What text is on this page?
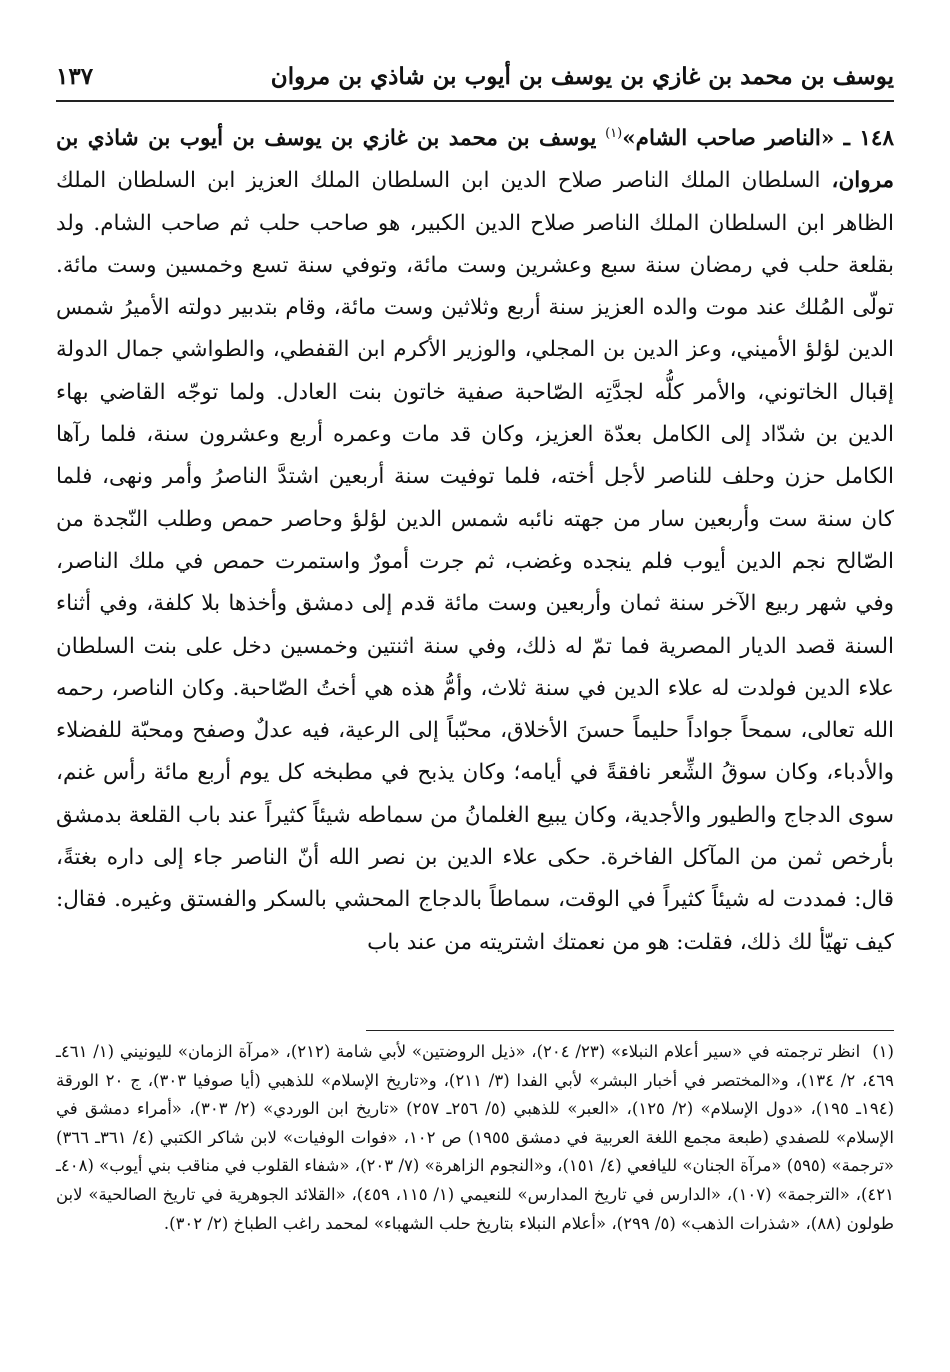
يوسف بن محمد بن غازي بن يوسف بن أيوب بن شاذي بن مروان
١٣٧

١٤٨ ـ «الناصر صاحب الشام»$^{(١)}$ يوسف بن محمد بن غازي بن يوسف بن أيوب بن شاذي بن مروان، السلطان الملك الناصر صلاح الدين ابن السلطان الملك العزيز ابن السلطان الملك الظاهر ابن السلطان الملك الناصر صلاح الدين الكبير، هو صاحب حلب ثم صاحب الشام. ولد بقلعة حلب في رمضان سنة سبع وعشرين وست مائة، وتوفي سنة تسع وخمسين وست مائة. تولّى المُلك عند موت والده العزيز سنة أربع وثلاثين وست مائة، وقام بتدبير دولته الأميرُ شمس الدين لؤلؤ الأميني، وعز الدين بن المجلي، والوزير الأكرم ابن القفطي، والطواشي جمال الدولة إقبال الخاتوني، والأمر كلُّه لجدَّتِه الصّاحبة صفية خاتون بنت العادل. ولما توجّه القاضي بهاء الدين بن شدّاد إلى الكامل بعدّة العزيز، وكان قد مات وعمره أربع وعشرون سنة، فلما رآها الكامل حزن وحلف للناصر لأجل أخته، فلما توفيت سنة أربعين اشتدَّ الناصرُ وأمر ونهى، فلما كان سنة ست وأربعين سار من جهته نائبه شمس الدين لؤلؤ وحاصر حمص وطلب النّجدة من الصّالح نجم الدين أيوب فلم ينجده وغضب، ثم جرت أمورٌ واستمرت حمص في ملك الناصر، وفي شهر ربيع الآخر سنة ثمان وأربعين وست مائة قدم إلى دمشق وأخذها بلا كلفة، وفي أثناء السنة قصد الديار المصرية فما تمّ له ذلك، وفي سنة اثنتين وخمسين دخل على بنت السلطان علاء الدين فولدت له علاء الدين في سنة ثلاث، وأمُّ هذه هي أختُ الصّاحبة. وكان الناصر، رحمه الله تعالى، سمحاً جواداً حليماً حسنَ الأخلاق، محبّباً إلى الرعية، فيه عدلٌ وصفح ومحبّة للفضلاء والأدباء، وكان سوقُ الشِّعر نافقةً في أيامه؛ وكان يذبح في مطبخه كل يوم أربع مائة رأس غنم، سوى الدجاج والطيور والأجدية، وكان يبيع الغلمانُ من سماطه شيئاً كثيراً عند باب القلعة بدمشق بأرخص ثمن من المآكل الفاخرة. حكى علاء الدين بن نصر الله أنّ الناصر جاء إلى داره بغتةً، قال: فمددت له شيئاً كثيراً في الوقت، سماطاً بالدجاج المحشي بالسكر والفستق وغيره. فقال: كيف تهيّأ لك ذلك، فقلت: هو من نعمتك اشتريته من عند باب

(١)انظر ترجمته في «سير أعلام النبلاء» (٢٣/ ٢٠٤)، «ذيل الروضتين» لأبي شامة (٢١٢)، «مرآة الزمان» لليونيني (١/ ٤٦١ـ ٤٦٩، ٢/ ١٣٤)، و«المختصر في أخبار البشر» لأبي الفدا (٣/ ٢١١)، و«تاريخ الإسلام» للذهبي (أيا صوفيا ٣٠٣)، ج ٢٠ الورقة (١٩٤ـ ١٩٥)، «دول الإسلام» (٢/ ١٢٥)، «العبر» للذهبي (٥/ ٢٥٦ـ ٢٥٧) «تاريخ ابن الوردي» (٢/ ٣٠٣)، «أمراء دمشق في الإسلام» للصفدي (طبعة مجمع اللغة العربية في دمشق ١٩٥٥) ص ١٠٢، «فوات الوفيات» لابن شاكر الكتبي (٤/ ٣٦١ـ ٣٦٦) «ترجمة» (٥٩٥) «مرآة الجنان» لليافعي (٤/ ١٥١)، و«النجوم الزاهرة» (٧/ ٢٠٣)، «شفاء القلوب في مناقب بني أيوب» (٤٠٨ـ ٤٢١)، «الترجمة» (١٠٧)، «الدارس في تاريخ المدارس» للنعيمي (١/ ١١٥، ٤٥٩)، «القلائد الجوهرية في تاريخ الصالحية» لابن طولون (٨٨)، «شذرات الذهب» (٥/ ٢٩٩)، «أعلام النبلاء بتاريخ حلب الشهباء» لمحمد راغب الطباخ (٢/ ٣٠٢).
